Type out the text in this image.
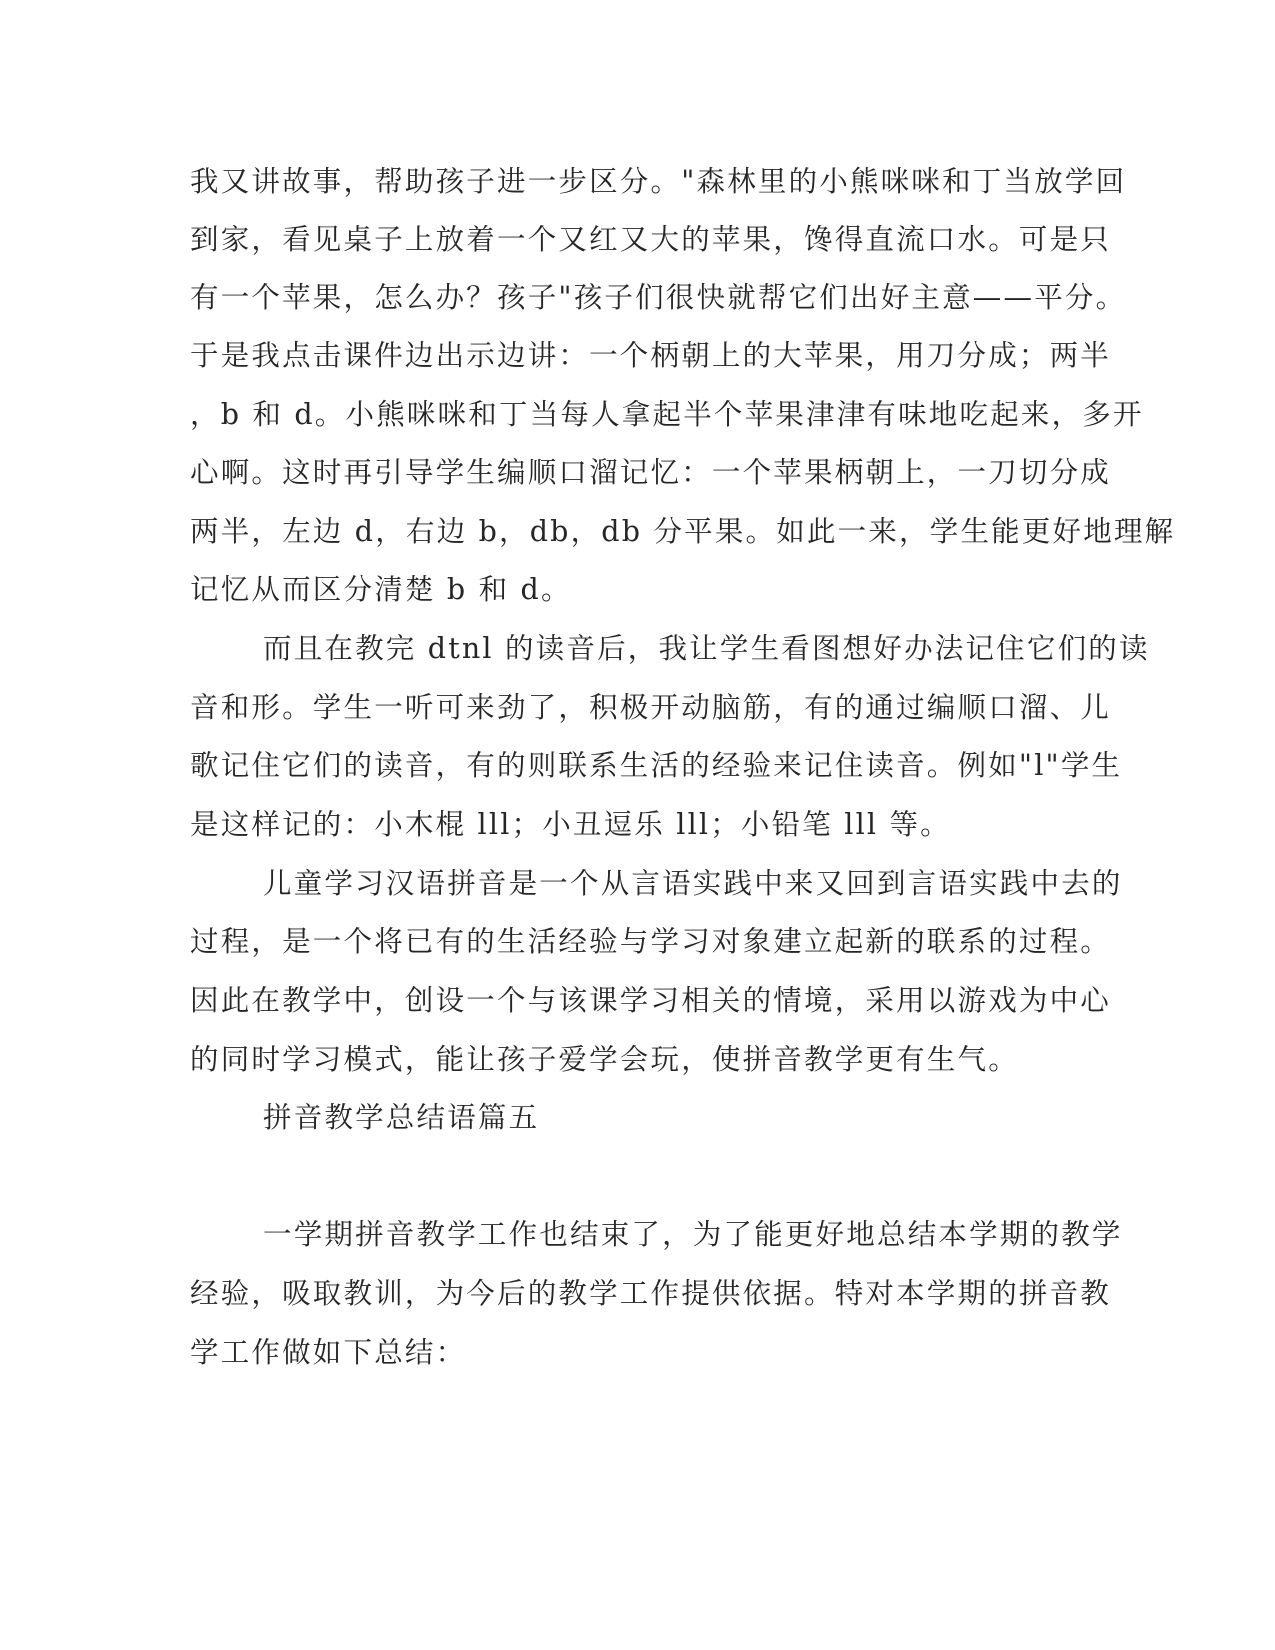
我又讲故事，帮助孩子进一步区分。"森林里的小熊咪咪和丁当放学回
到家，看见桌子上放着一个又红又大的苹果，馋得直流口水。可是只
有一个苹果，怎么办？孩子"孩子们很快就帮它们出好主意——平分。
于是我点击课件边出示边讲：一个柄朝上的大苹果，用刀分成；两半
，b 和 d。小熊咪咪和丁当每人拿起半个苹果津津有味地吃起来，多开
心啊。这时再引导学生编顺口溜记忆：一个苹果柄朝上，一刀切分成
两半，左边 d，右边 b，db，db 分平果。如此一来，学生能更好地理解
记忆从而区分清楚 b 和 d。
而且在教完 dtnl 的读音后，我让学生看图想好办法记住它们的读
音和形。学生一听可来劲了，积极开动脑筋，有的通过编顺口溜、儿
歌记住它们的读音，有的则联系生活的经验来记住读音。例如"l"学生
是这样记的：小木棍 lll；小丑逗乐 lll；小铅笔 lll 等。
儿童学习汉语拼音是一个从言语实践中来又回到言语实践中去的
过程，是一个将已有的生活经验与学习对象建立起新的联系的过程。
因此在教学中，创设一个与该课学习相关的情境，采用以游戏为中心
的同时学习模式，能让孩子爱学会玩，使拼音教学更有生气。
拼音教学总结语篇五
一学期拼音教学工作也结束了，为了能更好地总结本学期的教学
经验，吸取教训，为今后的教学工作提供依据。特对本学期的拼音教
学工作做如下总结：
